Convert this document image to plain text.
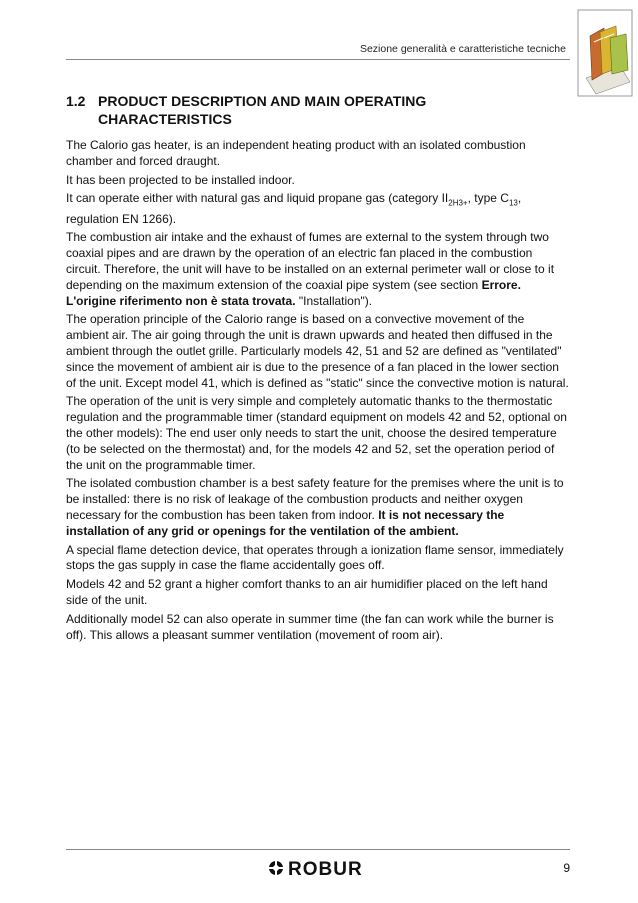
Sezione generalità e caratteristiche tecniche
1.2 PRODUCT DESCRIPTION AND MAIN OPERATING CHARACTERISTICS

The Calorio gas heater, is an independent heating product with an isolated combustion chamber and forced draught.

It has been projected to be installed indoor.

It can operate either with natural gas and liquid propane gas (category $II_{2H3+}$, type $C_{13}$, regulation EN 1266).

The combustion air intake and the exhaust of fumes are external to the system through two coaxial pipes and are drawn by the operation of an electric fan placed in the combustion circuit. Therefore, the unit will have to be installed on an external perimeter wall or close to it depending on the maximum extension of the coaxial pipe system (see section Errore. L'origine riferimento non è stata trovata. "Installation").

The operation principle of the Calorio range is based on a convective movement of the ambient air. The air going through the unit is drawn upwards and heated then diffused in the ambient through the outlet grille. Particularly models 42, 51 and 52 are defined as "ventilated" since the movement of ambient air is due to the presence of a fan placed in the lower section of the unit. Except model 41, which is defined as "static" since the convective motion is natural.

The operation of the unit is very simple and completely automatic thanks to the thermostatic regulation and the programmable timer (standard equipment on models 42 and 52, optional on the other models): The end user only needs to start the unit, choose the desired temperature (to be selected on the thermostat) and, for the models 42 and 52, set the operation period of the unit on the programmable timer.

The isolated combustion chamber is a best safety feature for the premises where the unit is to be installed: there is no risk of leakage of the combustion products and neither oxygen necessary for the combustion has been taken from indoor. It is not necessary the installation of any grid or openings for the ventilation of the ambient.

A special flame detection device, that operates through a ionization flame sensor, immediately stops the gas supply in case the flame accidentally goes off.

Models 42 and 52 grant a higher comfort thanks to an air humidifier placed on the left hand side of the unit.

Additionally model 52 can also operate in summer time (the fan can work while the burner is off). This allows a pleasant summer ventilation (movement of room air).

ROBUR	9
